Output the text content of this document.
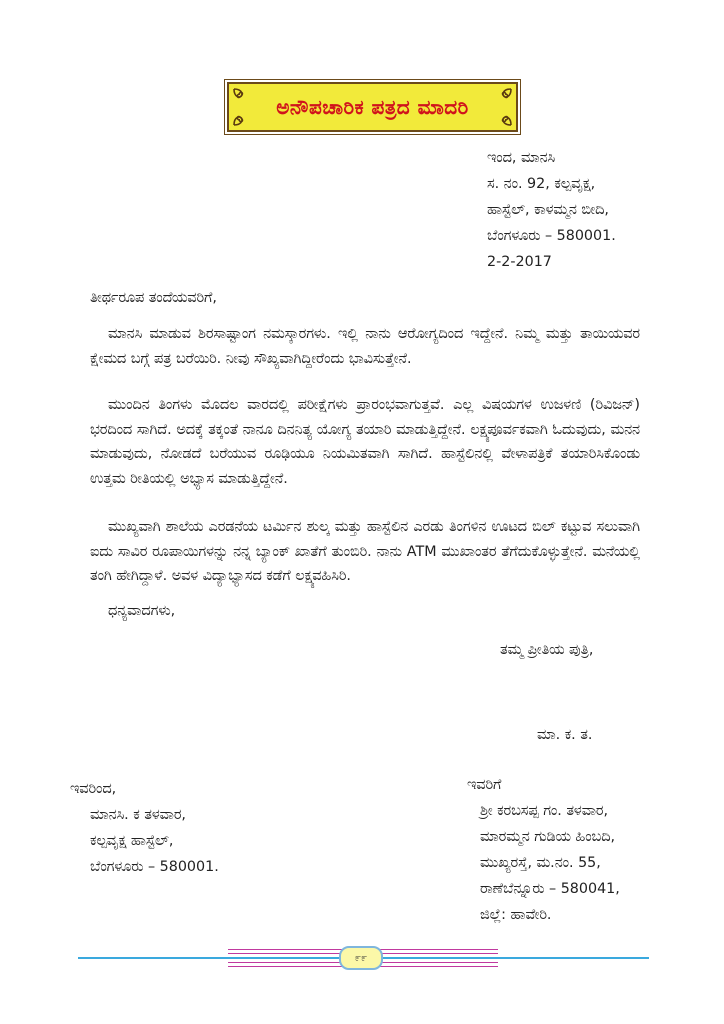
ಅನೌಪಚಾರಿಕ ಪತ್ರದ ಮಾದರಿ
ಇಂದ, ಮಾನಸಿ
ಸ. ನಂ. 92, ಕಲ್ಪವೃಕ್ಷ,
ಹಾಸ್ಟೆಲ್, ಕಾಳಮ್ಮನ ಬೀದಿ,
ಬೆಂಗಳೂರು – 580001.
2-2-2017
ತೀರ್ಥರೂಪ ತಂದೆಯವರಿಗೆ,
ಮಾನಸಿ ಮಾಡುವ ಶಿರಸಾಷ್ಟಾಂಗ ನಮಸ್ಕಾರಗಳು. ಇಲ್ಲಿ ನಾನು ಆರೋಗ್ಯದಿಂದ ಇದ್ದೇನೆ. ನಿಮ್ಮ ಮತ್ತು ತಾಯಿಯವರ ಕ್ಷೇಮದ ಬಗ್ಗೆ ಪತ್ರ ಬರೆಯಿರಿ. ನೀವು ಸೌಖ್ಯವಾಗಿದ್ದೀರೆಂದು ಭಾವಿಸುತ್ತೇನೆ.
ಮುಂದಿನ ತಿಂಗಳು ಮೊದಲ ವಾರದಲ್ಲಿ ಪರೀಕ್ಷೆಗಳು ಪ್ರಾರಂಭವಾಗುತ್ತವೆ. ಎಲ್ಲ ವಿಷಯಗಳ ಉಜಳಣಿ (ರಿವಿಜನ್) ಭರದಿಂದ ಸಾಗಿದೆ. ಅದಕ್ಕೆ ತಕ್ಕಂತೆ ನಾನೂ ದಿನನಿತ್ಯ ಯೋಗ್ಯ ತಯಾರಿ ಮಾಡುತ್ತಿದ್ದೇನೆ. ಲಕ್ಷ್ಯಪೂರ್ವಕವಾಗಿ ಓದುವುದು, ಮನನ ಮಾಡುವುದು, ನೋಡದೆ ಬರೆಯುವ ರೂಢಿಯೂ ನಿಯಮಿತವಾಗಿ ಸಾಗಿದೆ. ಹಾಸ್ಟೆಲಿನಲ್ಲಿ ವೇಳಾಪತ್ರಿಕೆ ತಯಾರಿಸಿಕೊಂಡು ಉತ್ತಮ ರೀತಿಯಲ್ಲಿ ಅಭ್ಯಾಸ ಮಾಡುತ್ತಿದ್ದೇನೆ.
ಮುಖ್ಯವಾಗಿ ಶಾಲೆಯ ಎರಡನೆಯ ಟರ್ಮಿನ ಶುಲ್ಕ ಮತ್ತು ಹಾಸ್ಟೆಲಿನ ಎರಡು ತಿಂಗಳಿನ ಊಟದ ಬಿಲ್ ಕಟ್ಟುವ ಸಲುವಾಗಿ ಐದು ಸಾವಿರ ರೂಪಾಯಿಗಳನ್ನು ನನ್ನ ಬ್ಯಾಂಕ್ ಖಾತೆಗೆ ತುಂಬಿರಿ. ನಾನು ATM ಮುಖಾಂತರ ತೆಗೆದುಕೊಳ್ಳುತ್ತೇನೆ. ಮನೆಯಲ್ಲಿ ತಂಗಿ ಹೇಗಿದ್ದಾಳೆ. ಅವಳ ವಿದ್ಯಾಭ್ಯಾಸದ ಕಡೆಗೆ ಲಕ್ಷ್ಯವಹಿಸಿರಿ.
ಧನ್ಯವಾದಗಳು,
ತಮ್ಮ ಪ್ರೀತಿಯ ಪುತ್ರಿ,
ಮಾ. ಕ. ತ.
ಇವರಿಂದ,
ಮಾನಸಿ. ಕ ತಳವಾರ,
ಕಲ್ಪವೃಕ್ಷ ಹಾಸ್ಟೆಲ್,
ಬೆಂಗಳೂರು – 580001.
ಇವರಿಗೆ
ಶ್ರೀ ಕರಬಸಪ್ಪ ಗಂ. ತಳವಾರ,
ಮಾರಮ್ಮನ ಗುಡಿಯ ಹಿಂಬದಿ,
ಮುಖ್ಯರಸ್ತೆ, ಮ.ನಂ. 55,
ರಾಣೆಬೆನ್ನೂರು – 580041,
ಜಿಲ್ಲೆ: ಹಾವೇರಿ.
೯೯
